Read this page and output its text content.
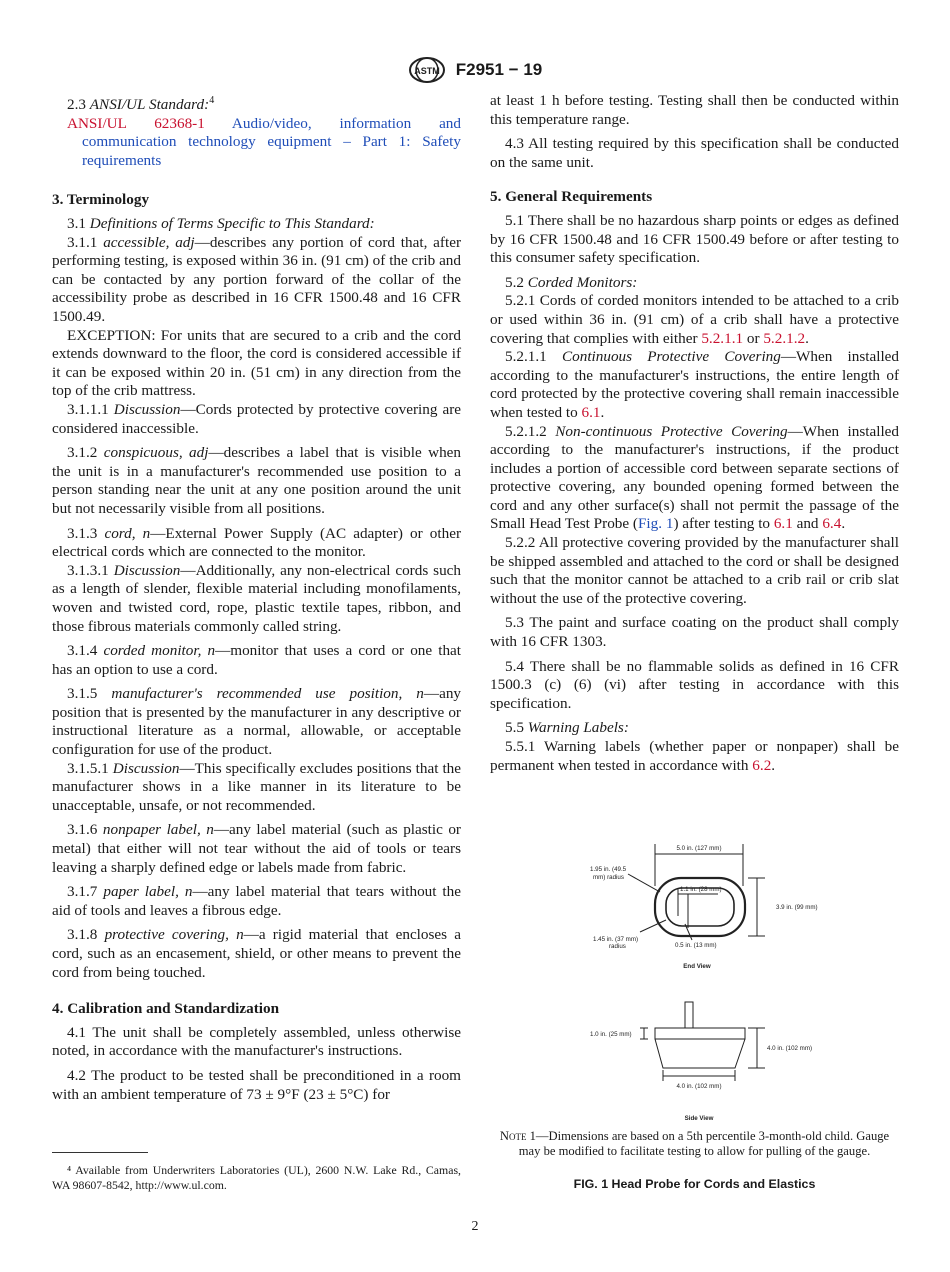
ASTM F2951 − 19

2.3 ANSI/UL Standard:$^4$

ANSI/UL 62368-1 Audio/video, information and communication technology equipment – Part 1: Safety requirements

3. Terminology

3.1 Definitions of Terms Specific to This Standard:

3.1.1 accessible, adj—describes any portion of cord that, after performing testing, is exposed within 36 in. (91 cm) of the crib and can be contacted by any portion forward of the collar of the accessibility probe as described in 16 CFR 1500.48 and 16 CFR 1500.49.

EXCEPTION: For units that are secured to a crib and the cord extends downward to the floor, the cord is considered accessible if it can be exposed within 20 in. (51 cm) in any direction from the top of the crib mattress.

3.1.1.1 Discussion—Cords protected by protective covering are considered inaccessible.

3.1.2 conspicuous, adj—describes a label that is visible when the unit is in a manufacturer's recommended use position to a person standing near the unit at any one position around the unit but not necessarily visible from all positions.

3.1.3 cord, n—External Power Supply (AC adapter) or other electrical cords which are connected to the monitor.

3.1.3.1 Discussion—Additionally, any non-electrical cords such as a length of slender, flexible material including monofilaments, woven and twisted cord, rope, plastic textile tapes, ribbon, and those fibrous materials commonly called string.

3.1.4 corded monitor, n—monitor that uses a cord or one that has an option to use a cord.

3.1.5 manufacturer's recommended use position, n—any position that is presented by the manufacturer in any descriptive or instructional literature as a normal, allowable, or acceptable configuration for use of the product.

3.1.5.1 Discussion—This specifically excludes positions that the manufacturer shows in a like manner in its literature to be unacceptable, unsafe, or not recommended.

3.1.6 nonpaper label, n—any label material (such as plastic or metal) that either will not tear without the aid of tools or tears leaving a sharply defined edge or labels made from fabric.

3.1.7 paper label, n—any label material that tears without the aid of tools and leaves a fibrous edge.

3.1.8 protective covering, n—a rigid material that encloses a cord, such as an encasement, shield, or other means to prevent the cord from being touched.

4. Calibration and Standardization

4.1 The unit shall be completely assembled, unless otherwise noted, in accordance with the manufacturer's instructions.

4.2 The product to be tested shall be preconditioned in a room with an ambient temperature of 73 ± 9°F (23 ± 5°C) for

⁴ Available from Underwriters Laboratories (UL), 2600 N.W. Lake Rd., Camas, WA 98607-8542, http://www.ul.com.

at least 1 h before testing. Testing shall then be conducted within this temperature range.

4.3 All testing required by this specification shall be conducted on the same unit.

5. General Requirements

5.1 There shall be no hazardous sharp points or edges as defined by 16 CFR 1500.48 and 16 CFR 1500.49 before or after testing to this consumer safety specification.

5.2 Corded Monitors:

5.2.1 Cords of corded monitors intended to be attached to a crib or used within 36 in. (91 cm) of a crib shall have a protective covering that complies with either 5.2.1.1 or 5.2.1.2.

5.2.1.1 Continuous Protective Covering—When installed according to the manufacturer's instructions, the entire length of cord protected by the protective covering shall remain inaccessible when tested to 6.1.

5.2.1.2 Non-continuous Protective Covering—When installed according to the manufacturer's instructions, if the product includes a portion of accessible cord between separate sections of protective covering, any bounded opening formed between the cord and any other surface(s) shall not permit the passage of the Small Head Test Probe (Fig. 1) after testing to 6.1 and 6.4.

5.2.2 All protective covering provided by the manufacturer shall be shipped assembled and attached to the cord or shall be designed such that the monitor cannot be attached to a crib rail or crib slat without the use of the protective covering.

5.3 The paint and surface coating on the product shall comply with 16 CFR 1303.

5.4 There shall be no flammable solids as defined in 16 CFR 1500.3 (c) (6) (vi) after testing in accordance with this specification.

5.5 Warning Labels:

5.5.1 Warning labels (whether paper or nonpaper) shall be permanent when tested in accordance with 6.2.

5.0 in. (127 mm)
1.95 in. (49.5
mm) radius
1.1 in. (28 mm)
3.9 in. (99 mm)
1.45 in. (37 mm)
radius	0.5 in. (13 mm)
End View
1.0 in. (25 mm)
4.0 in. (102 mm)
4.0 in. (102 mm)
Side View

Note 1—Dimensions are based on a 5th percentile 3-month-old child. Gauge may be modified to facilitate testing to allow for pulling of the gauge.

FIG. 1 Head Probe for Cords and Elastics

2
